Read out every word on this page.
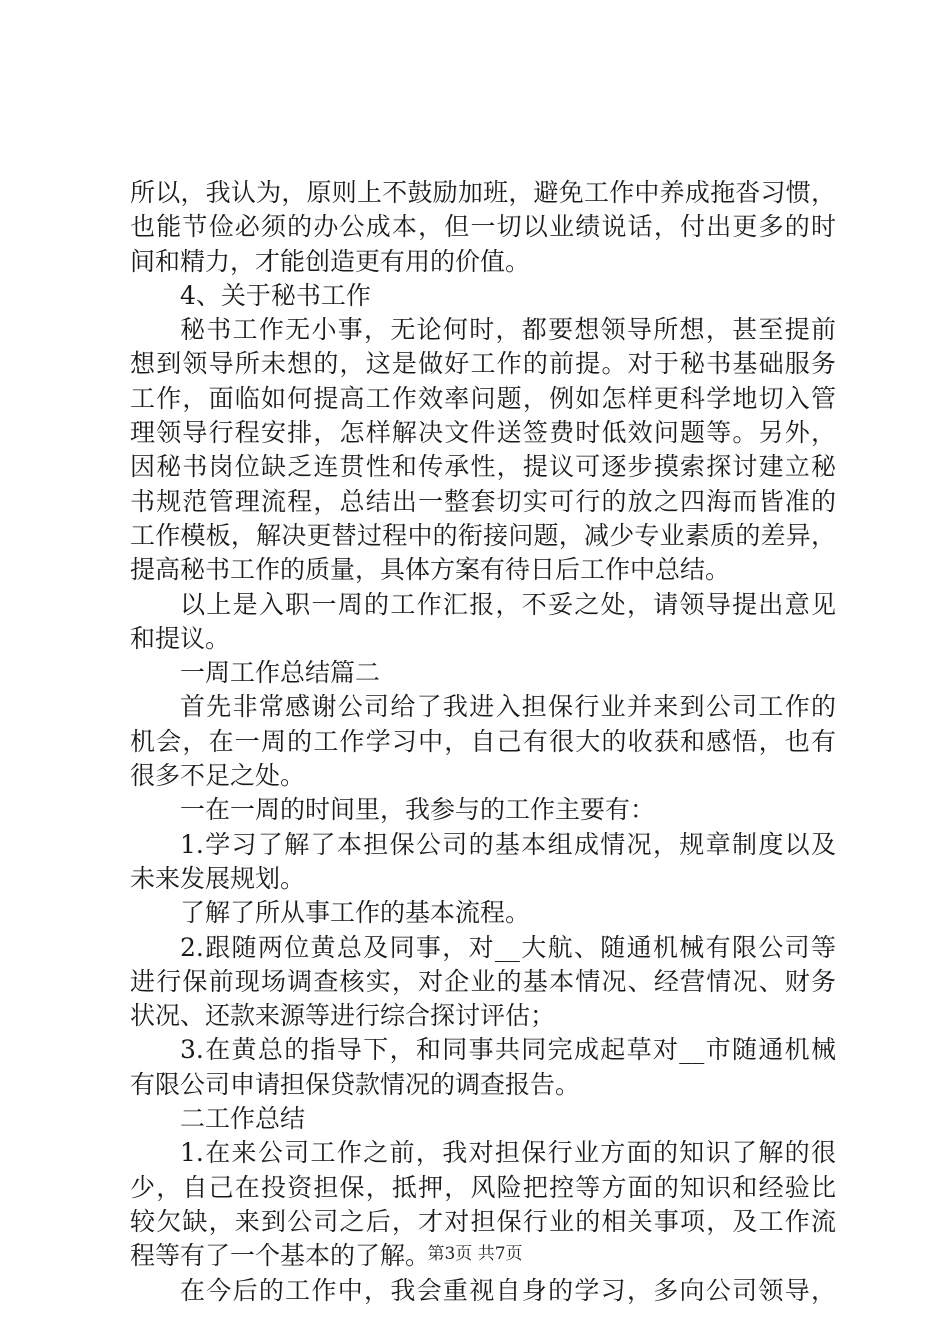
所以，我认为，原则上不鼓励加班，避免工作中养成拖沓习惯，
也能节俭必须的办公成本，但一切以业绩说话，付出更多的时
间和精力，才能创造更有用的价值。
4、关于秘书工作
秘书工作无小事，无论何时，都要想领导所想，甚至提前
想到领导所未想的，这是做好工作的前提。对于秘书基础服务
工作，面临如何提高工作效率问题，例如怎样更科学地切入管
理领导行程安排，怎样解决文件送签费时低效问题等。另外，
因秘书岗位缺乏连贯性和传承性，提议可逐步摸索探讨建立秘
书规范管理流程，总结出一整套切实可行的放之四海而皆准的
工作模板，解决更替过程中的衔接问题，减少专业素质的差异，
提高秘书工作的质量，具体方案有待日后工作中总结。
以上是入职一周的工作汇报，不妥之处，请领导提出意见
和提议。
一周工作总结篇二
首先非常感谢公司给了我进入担保行业并来到公司工作的
机会，在一周的工作学习中，自己有很大的收获和感悟，也有
很多不足之处。
一在一周的时间里，我参与的工作主要有：
1.学习了解了本担保公司的基本组成情况，规章制度以及
未来发展规划。
了解了所从事工作的基本流程。
2.跟随两位黄总及同事，对__大航、随通机械有限公司等
进行保前现场调查核实，对企业的基本情况、经营情况、财务
状况、还款来源等进行综合探讨评估；
3.在黄总的指导下，和同事共同完成起草对__市随通机械
有限公司申请担保贷款情况的调查报告。
二工作总结
1.在来公司工作之前，我对担保行业方面的知识了解的很
少，自己在投资担保，抵押，风险把控等方面的知识和经验比
较欠缺，来到公司之后，才对担保行业的相关事项，及工作流
程等有了一个基本的了解。
在今后的工作中，我会重视自身的学习，多向公司领导，
第3页 共7页
